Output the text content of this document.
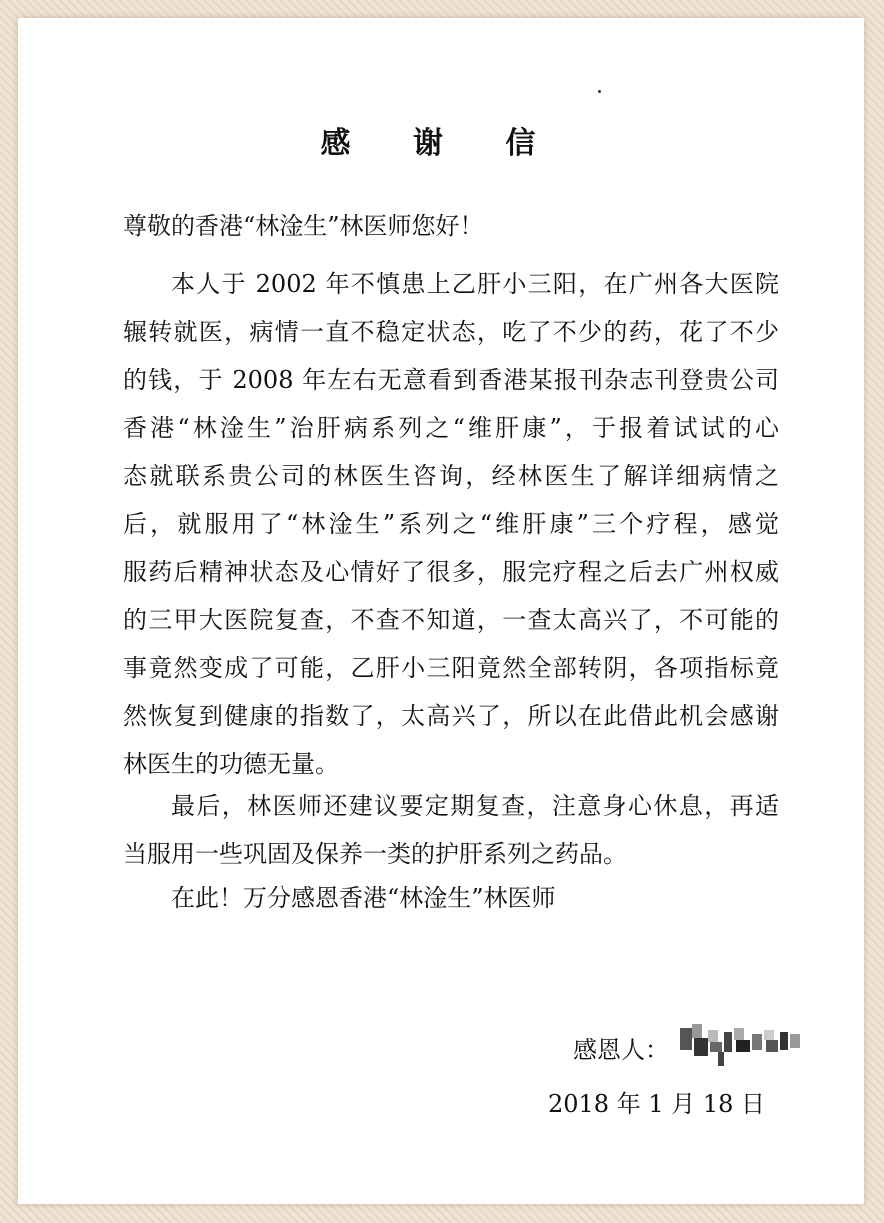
感 谢 信
尊敬的香港“林淦生”林医师您好！
本人于 2002 年不慎患上乙肝小三阳，在广州各大医院
辗转就医，病情一直不稳定状态，吃了不少的药，花了不少
的钱，于 2008 年左右无意看到香港某报刊杂志刊登贵公司
香港“林淦生”治肝病系列之“维肝康”，于报着试试的心
态就联系贵公司的林医生咨询，经林医生了解详细病情之
后，就服用了“林淦生”系列之“维肝康”三个疗程，感觉
服药后精神状态及心情好了很多，服完疗程之后去广州权威
的三甲大医院复查，不查不知道，一查太高兴了，不可能的
事竟然变成了可能，乙肝小三阳竟然全部转阴，各项指标竟
然恢复到健康的指数了，太高兴了，所以在此借此机会感谢
林医生的功德无量。
最后，林医师还建议要定期复查，注意身心休息，再适
当服用一些巩固及保养一类的护肝系列之药品。
在此！万分感恩香港“林淦生”林医师
感恩人：
2018 年 1 月 18 日
